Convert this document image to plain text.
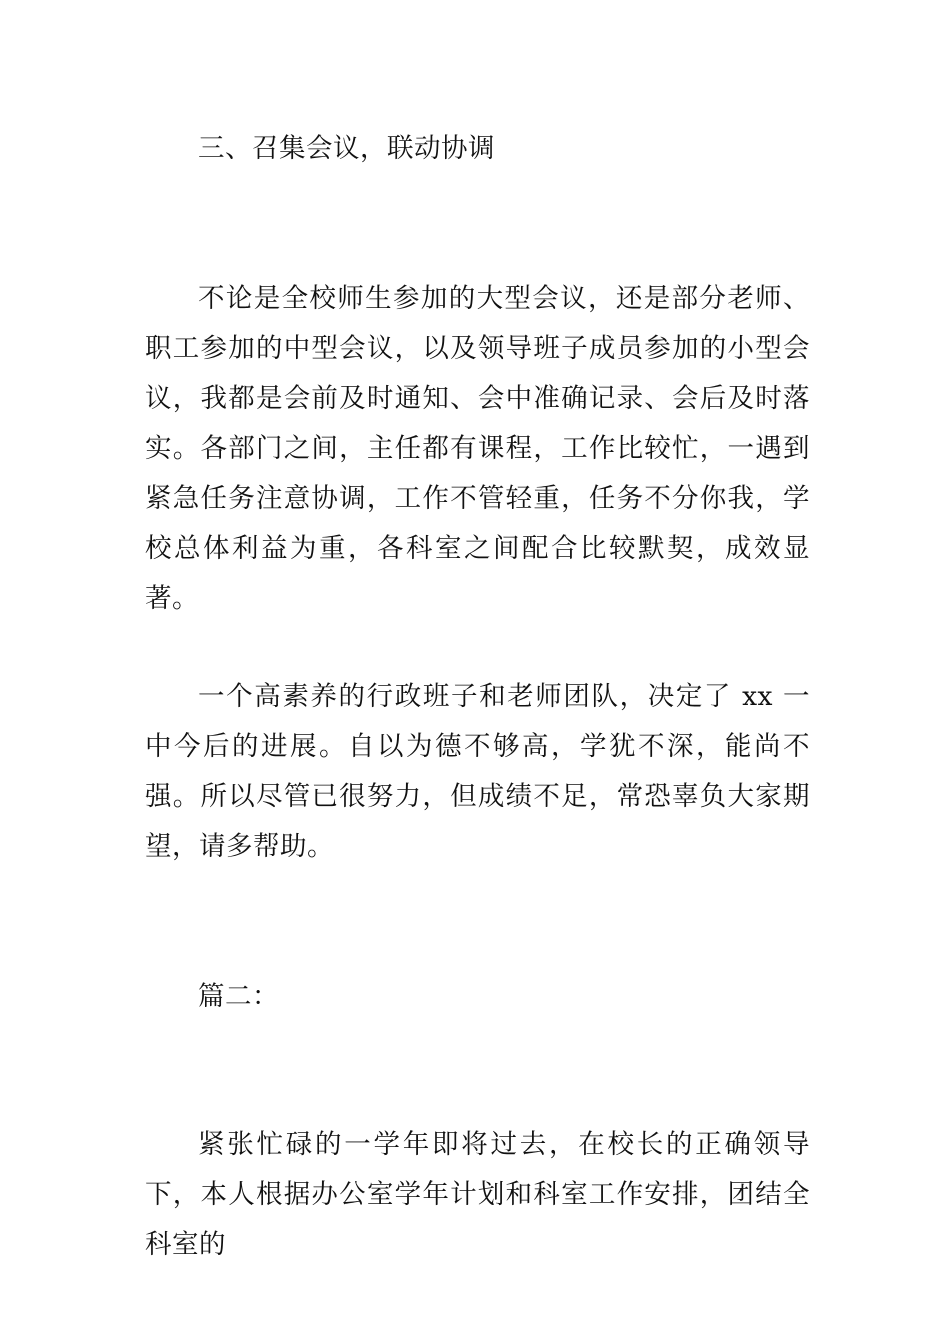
三、召集会议，联动协调

不论是全校师生参加的大型会议，还是部分老师、职工参加的中型会议，以及领导班子成员参加的小型会议，我都是会前及时通知、会中准确记录、会后及时落实。各部门之间，主任都有课程，工作比较忙，一遇到紧急任务注意协调，工作不管轻重，任务不分你我，学校总体利益为重，各科室之间配合比较默契，成效显著。

一个高素养的行政班子和老师团队，决定了 xx 一中今后的进展。自以为德不够高，学犹不深，能尚不强。所以尽管已很努力，但成绩不足，常恐辜负大家期望，请多帮助。

篇二：

紧张忙碌的一学年即将过去，在校长的正确领导下，本人根据办公室学年计划和科室工作安排，团结全科室的
